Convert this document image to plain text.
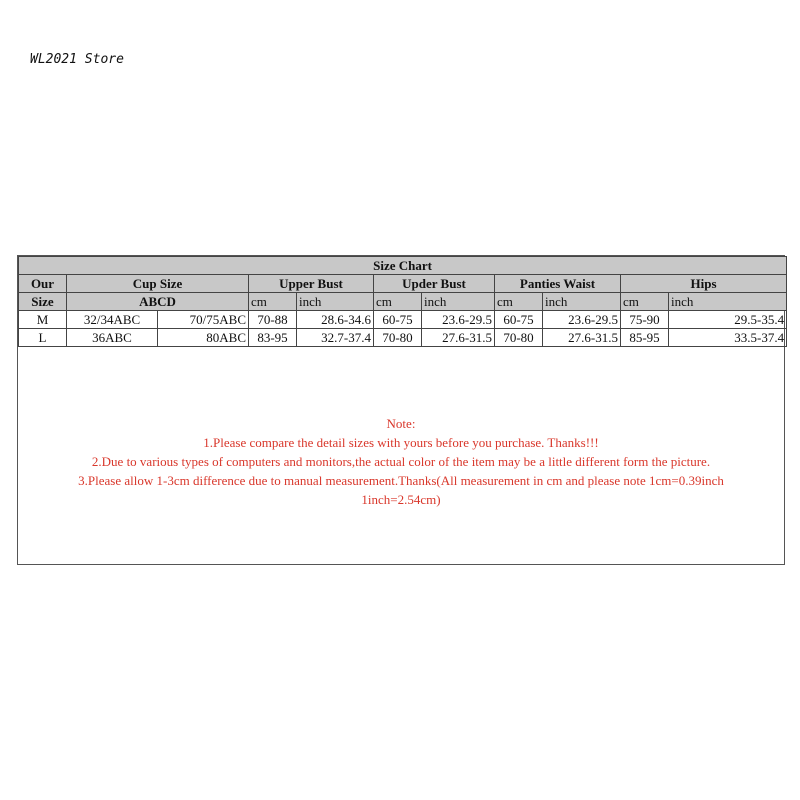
WL2021 Store
Size Chart										
Our	Cup Size		Upper Bust		Upder Bust		Panties Waist		Hips	
Size	ABCD		cm	inch	cm	inch	cm	inch	cm	inch
M	32/34ABC	70/75ABC	70-88	28.6-34.6	60-75	23.6-29.5	60-75	23.6-29.5	75-90	29.5-35.4
L	36ABC	80ABC	83-95	32.7-37.4	70-80	27.6-31.5	70-80	27.6-31.5	85-95	33.5-37.4
Note:
1.Please compare the detail sizes with yours before you purchase. Thanks!!!
2.Due to various types of computers and monitors,the actual color of the item may be a little different form the picture.
3.Please allow 1-3cm difference due to manual measurement.Thanks(All measurement in cm and please note 1cm=0.39inch
1inch=2.54cm)
